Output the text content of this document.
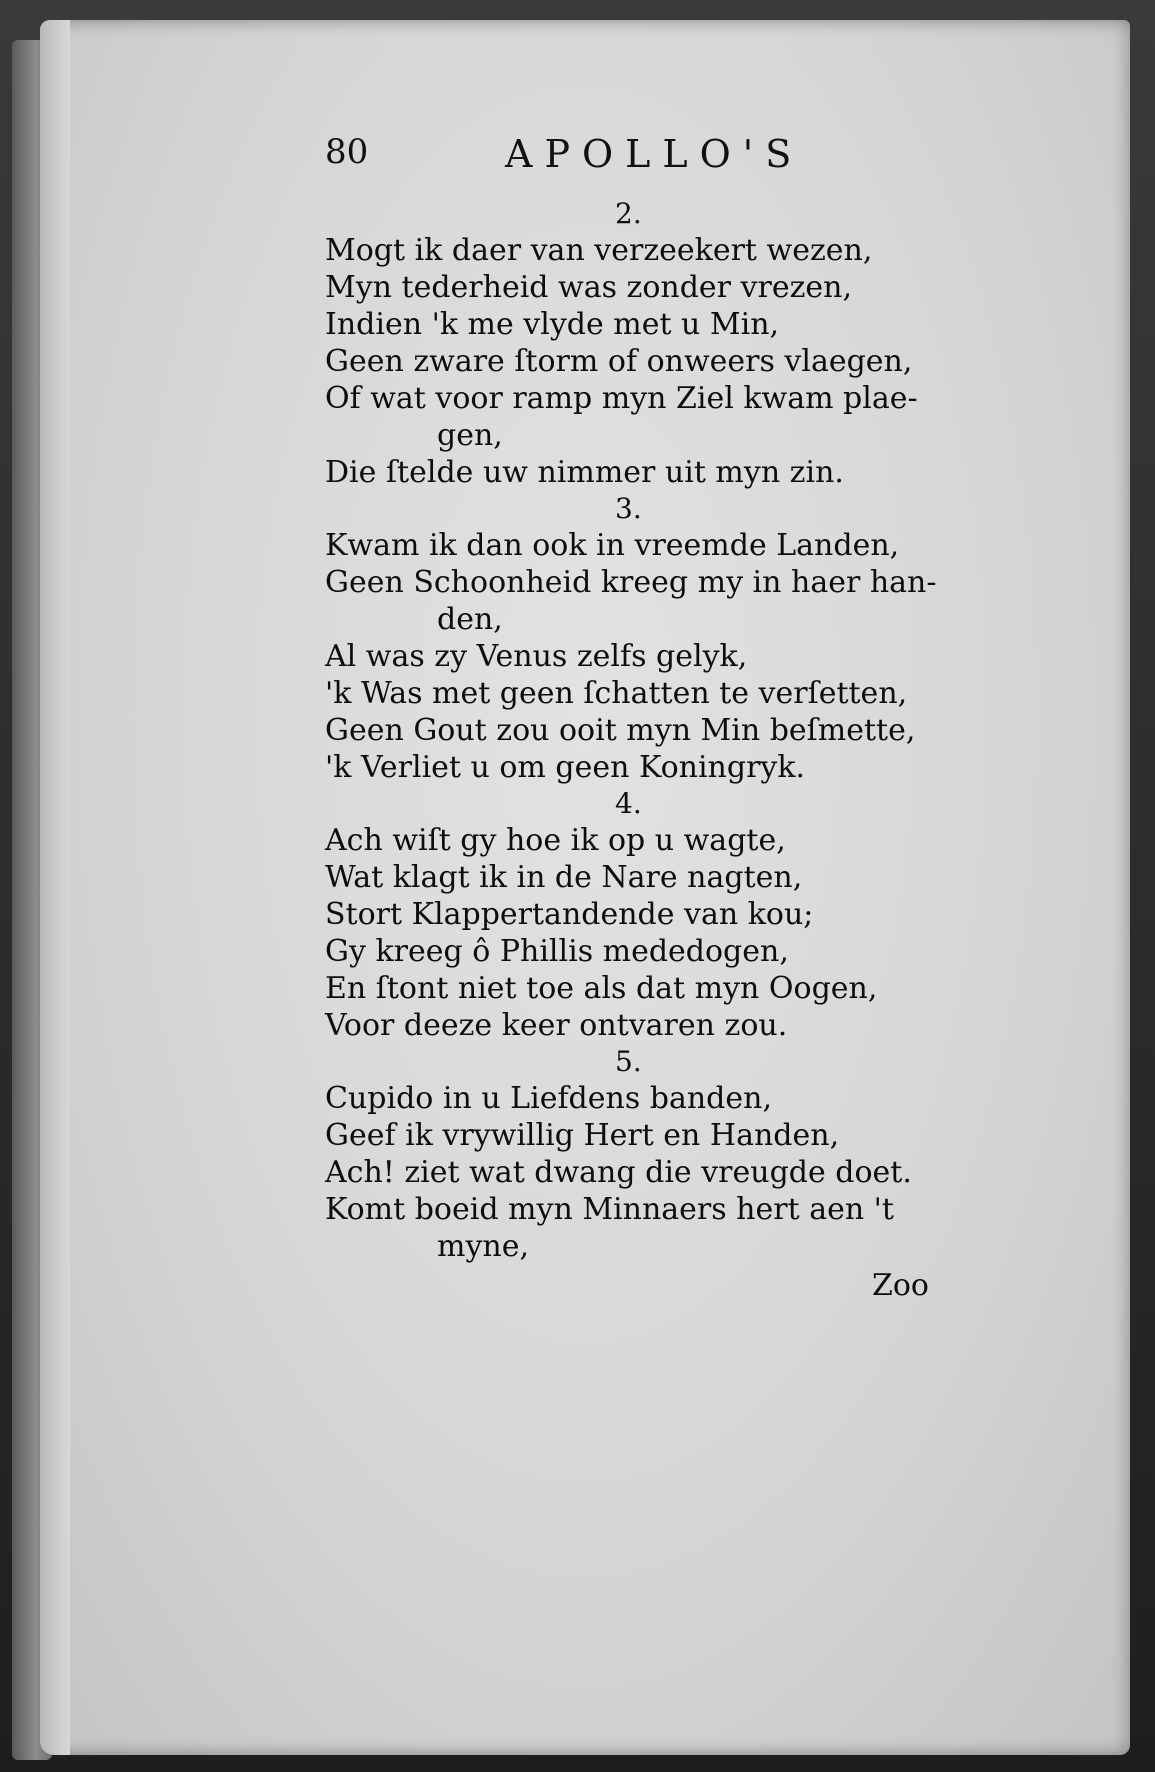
80	APOLLO'S
2.
Mogt ik daer van verzeekert wezen,
Myn tederheid was zonder vrezen,
Indien 'k me vlyde met u Min,
Geen zware ſtorm of onweers vlaegen,
Of wat voor ramp myn Ziel kwam plae-
gen,
Die ſtelde uw nimmer uit myn zin.
3.
Kwam ik dan ook in vreemde Landen,
Geen Schoonheid kreeg my in haer han-
den,
Al was zy Venus zelfs gelyk,
'k Was met geen ſchatten te verſetten,
Geen Gout zou ooit myn Min beſmette,
'k Verliet u om geen Koningryk.
4.
Ach wiſt gy hoe ik op u wagte,
Wat klagt ik in de Nare nagten,
Stort Klappertandende van kou;
Gy kreeg ô Phillis mededogen,
En ſtont niet toe als dat myn Oogen,
Voor deeze keer ontvaren zou.
5.
Cupido in u Liefdens banden,
Geef ik vrywillig Hert en Handen,
Ach! ziet wat dwang die vreugde doet.
Komt boeid myn Minnaers hert aen 't
myne,
Zoo
